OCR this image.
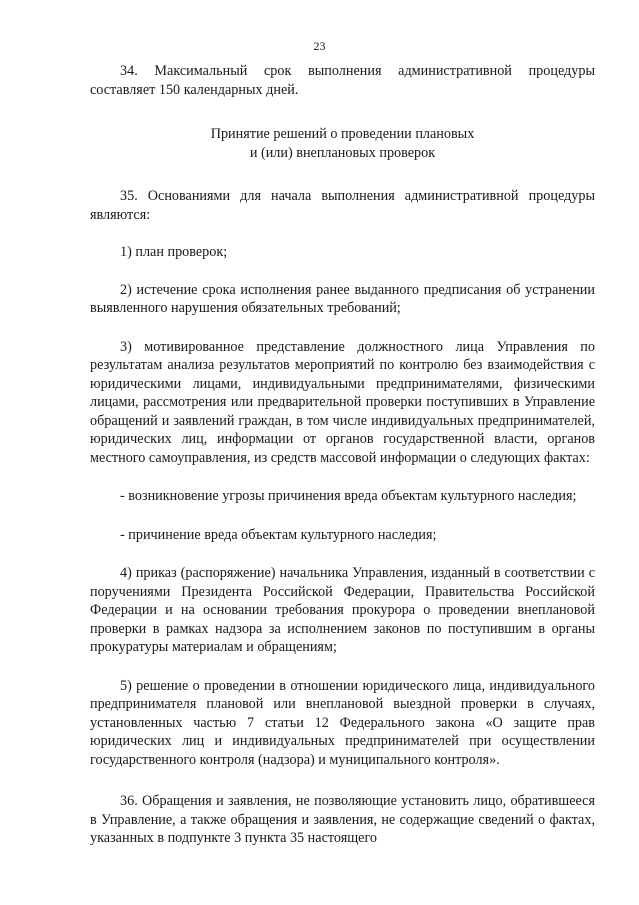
23

34. Максимальный срок выполнения административной процедуры составляет 150 календарных дней.

Принятие решений о проведении плановых
и (или) внеплановых проверок

35. Основаниями для начала выполнения административной процедуры являются:

1) план проверок;

2) истечение срока исполнения ранее выданного предписания об устранении выявленного нарушения обязательных требований;

3) мотивированное представление должностного лица Управления по результатам анализа результатов мероприятий по контролю без взаимодействия с юридическими лицами, индивидуальными предпринимателями, физическими лицами, рассмотрения или предварительной проверки поступивших в Управление обращений и заявлений граждан, в том числе индивидуальных предпринимателей, юридических лиц, информации от органов государственной власти, органов местного самоуправления, из средств массовой информации о следующих фактах:

- возникновение угрозы причинения вреда объектам культурного наследия;

- причинение вреда объектам культурного наследия;

4) приказ (распоряжение) начальника Управления, изданный в соответствии с поручениями Президента Российской Федерации, Правительства Российской Федерации и на основании требования прокурора о проведении внеплановой проверки в рамках надзора за исполнением законов по поступившим в органы прокуратуры материалам и обращениям;

5) решение о проведении в отношении юридического лица, индивидуального предпринимателя плановой или внеплановой выездной проверки в случаях, установленных частью 7 статьи 12 Федерального закона «О защите прав юридических лиц и индивидуальных предпринимателей при осуществлении государственного контроля (надзора) и муниципального контроля».

36. Обращения и заявления, не позволяющие установить лицо, обратившееся в Управление, а также обращения и заявления, не содержащие сведений о фактах, указанных в подпункте 3 пункта 35 настоящего
